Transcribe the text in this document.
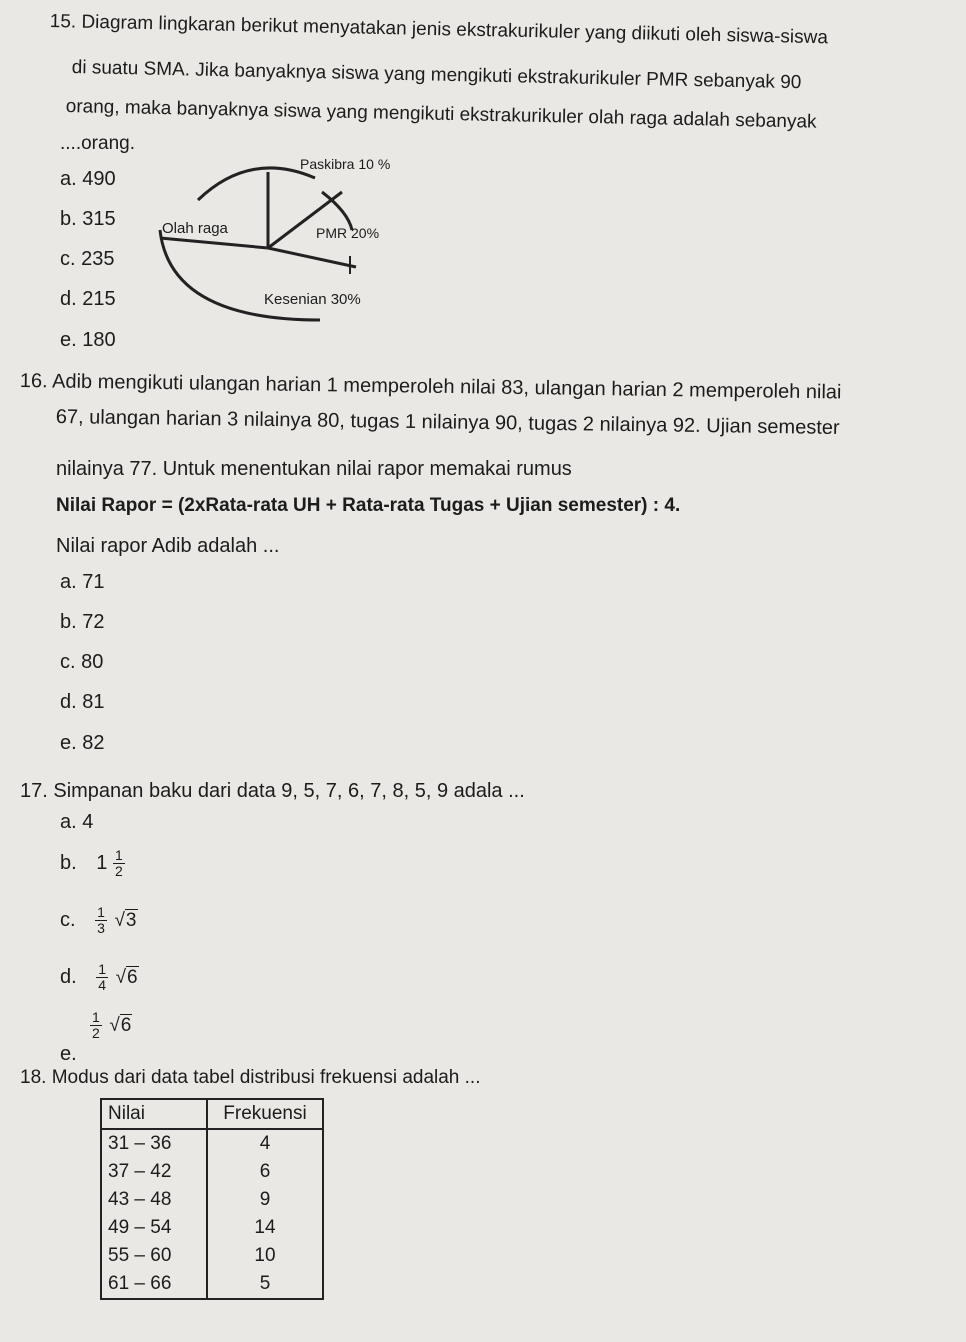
15. Diagram lingkaran berikut menyatakan jenis ekstrakurikuler yang diikuti oleh siswa-siswa
di suatu SMA. Jika banyaknya siswa yang mengikuti ekstrakurikuler PMR sebanyak 90
orang, maka banyaknya siswa yang mengikuti ekstrakurikuler olah raga adalah sebanyak
....orang.
a. 490
b. 315
c. 235
d. 215
e. 180
Paskibra 10 %
Olah raga	PMR 20%
Kesenian 30%
16. Adib mengikuti ulangan harian 1 memperoleh nilai 83, ulangan harian 2 memperoleh nilai
67, ulangan harian 3 nilainya 80, tugas 1 nilainya 90, tugas 2 nilainya 92. Ujian semester
nilainya 77. Untuk menentukan nilai rapor memakai rumus
Nilai Rapor = (2xRata-rata UH + Rata-rata Tugas + Ujian semester) : 4.
Nilai rapor Adib adalah ...
a. 71
b. 72
c. 80
d. 81
e. 82
17. Simpanan baku dari data 9, 5, 7, 6, 7, 8, 5, 9 adala ...
a. 4
b. $1 \frac{1}{2}$
c. $\frac{1}{3} √3$
d. $\frac{1}{4} √6$
$\frac{1}{2} √6$
e.
18. Modus dari data tabel distribusi frekuensi adalah ...
Nilai	Frekuensi
31 – 36	4
37 – 42	6
43 – 48	9
49 – 54	14
55 – 60	10
61 – 66	5
